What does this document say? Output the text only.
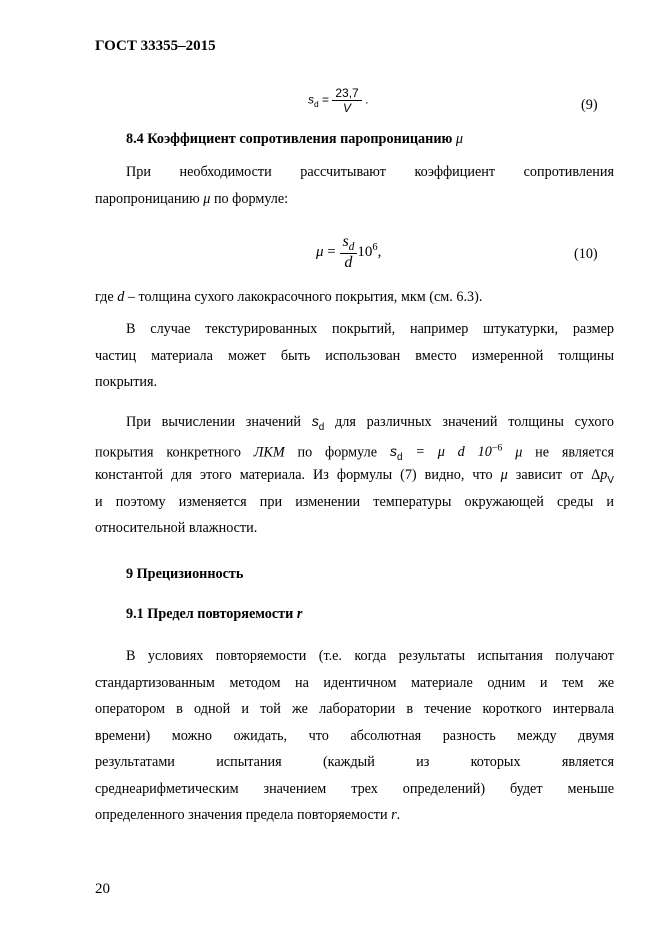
ГОСТ 33355–2015
$s_d = \frac{23,7}{V}$ .	(9)
8.4 Коэффициент сопротивления паропроницанию μ
При необходимости рассчитывают коэффициент сопротивления
паропроницанию μ по формуле:
$\mu = \frac{s_d}{d} 10^6$,	(10)
где d – толщина сухого лакокрасочного покрытия, мкм (см. 6.3).
В случае текстурированных покрытий, например штукатурки, размер
частиц материала может быть использован вместо измеренной толщины
покрытия.
При вычислении значений $s_d$ для различных значений толщины сухого
покрытия конкретного ЛКМ по формуле $s_d = \mu$ d $10^{-6}$ μ не является
константой для этого материала. Из формулы (7) видно, что μ зависит от $\Delta p_V$
и поэтому изменяется при изменении температуры окружающей среды и
относительной влажности.
9 Прецизионность
9.1 Предел повторяемости r
В условиях повторяемости (т.е. когда результаты испытания получают
стандартизованным методом на идентичном материале одним и тем же
оператором в одной и той же лаборатории в течение короткого интервала
времени) можно ожидать, что абсолютная разность между двумя
результатами испытания (каждый из которых является
среднеарифметическим значением трех определений) будет меньше
определенного значения предела повторяемости r.
20
